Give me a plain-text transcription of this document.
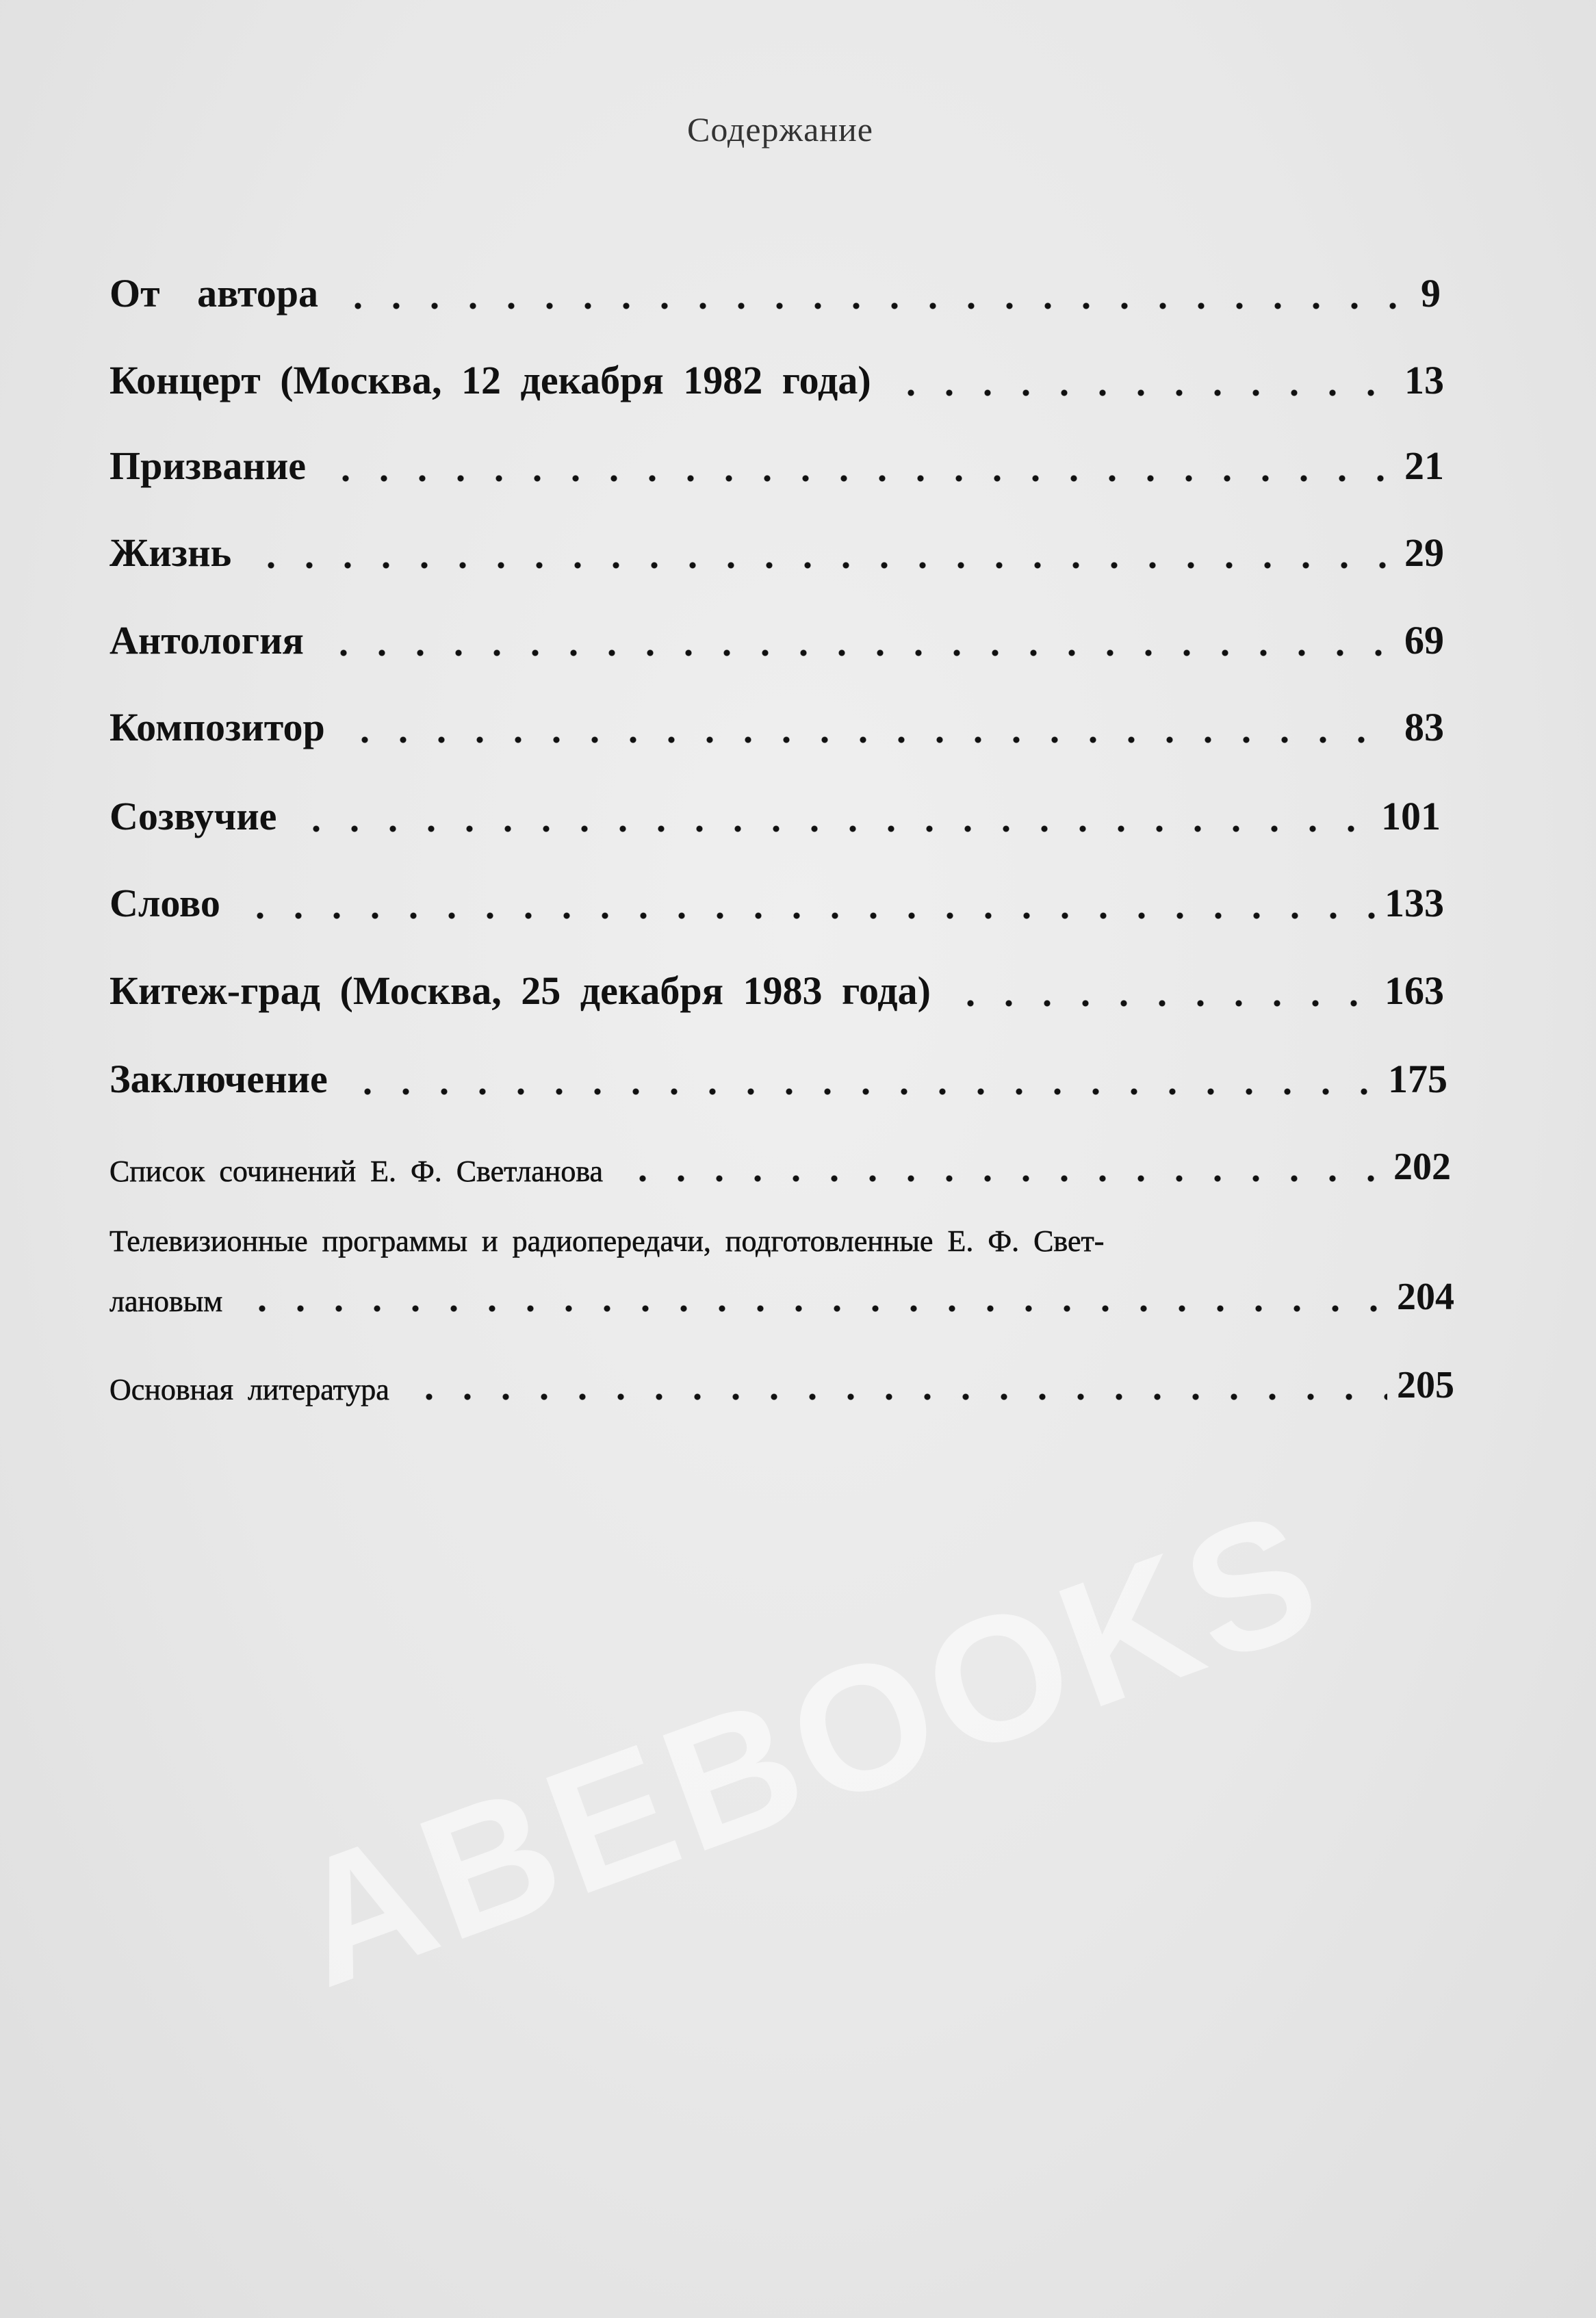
ABEBOOKS
Содержание
От автора	9
Концерт (Москва, 12 декабря 1982 года)	13
Призвание	21
Жизнь	29
Антология	69
Композитор	83
Созвучие	101
Слово	133
Китеж-град (Москва, 25 декабря 1983 года)	163
Заключение	175
Список сочинений Е. Ф. Светланова	202
Телевизионные программы и радиопередачи, подготовленные Е. Ф. Свет-
лановым	204
Основная литература	205
